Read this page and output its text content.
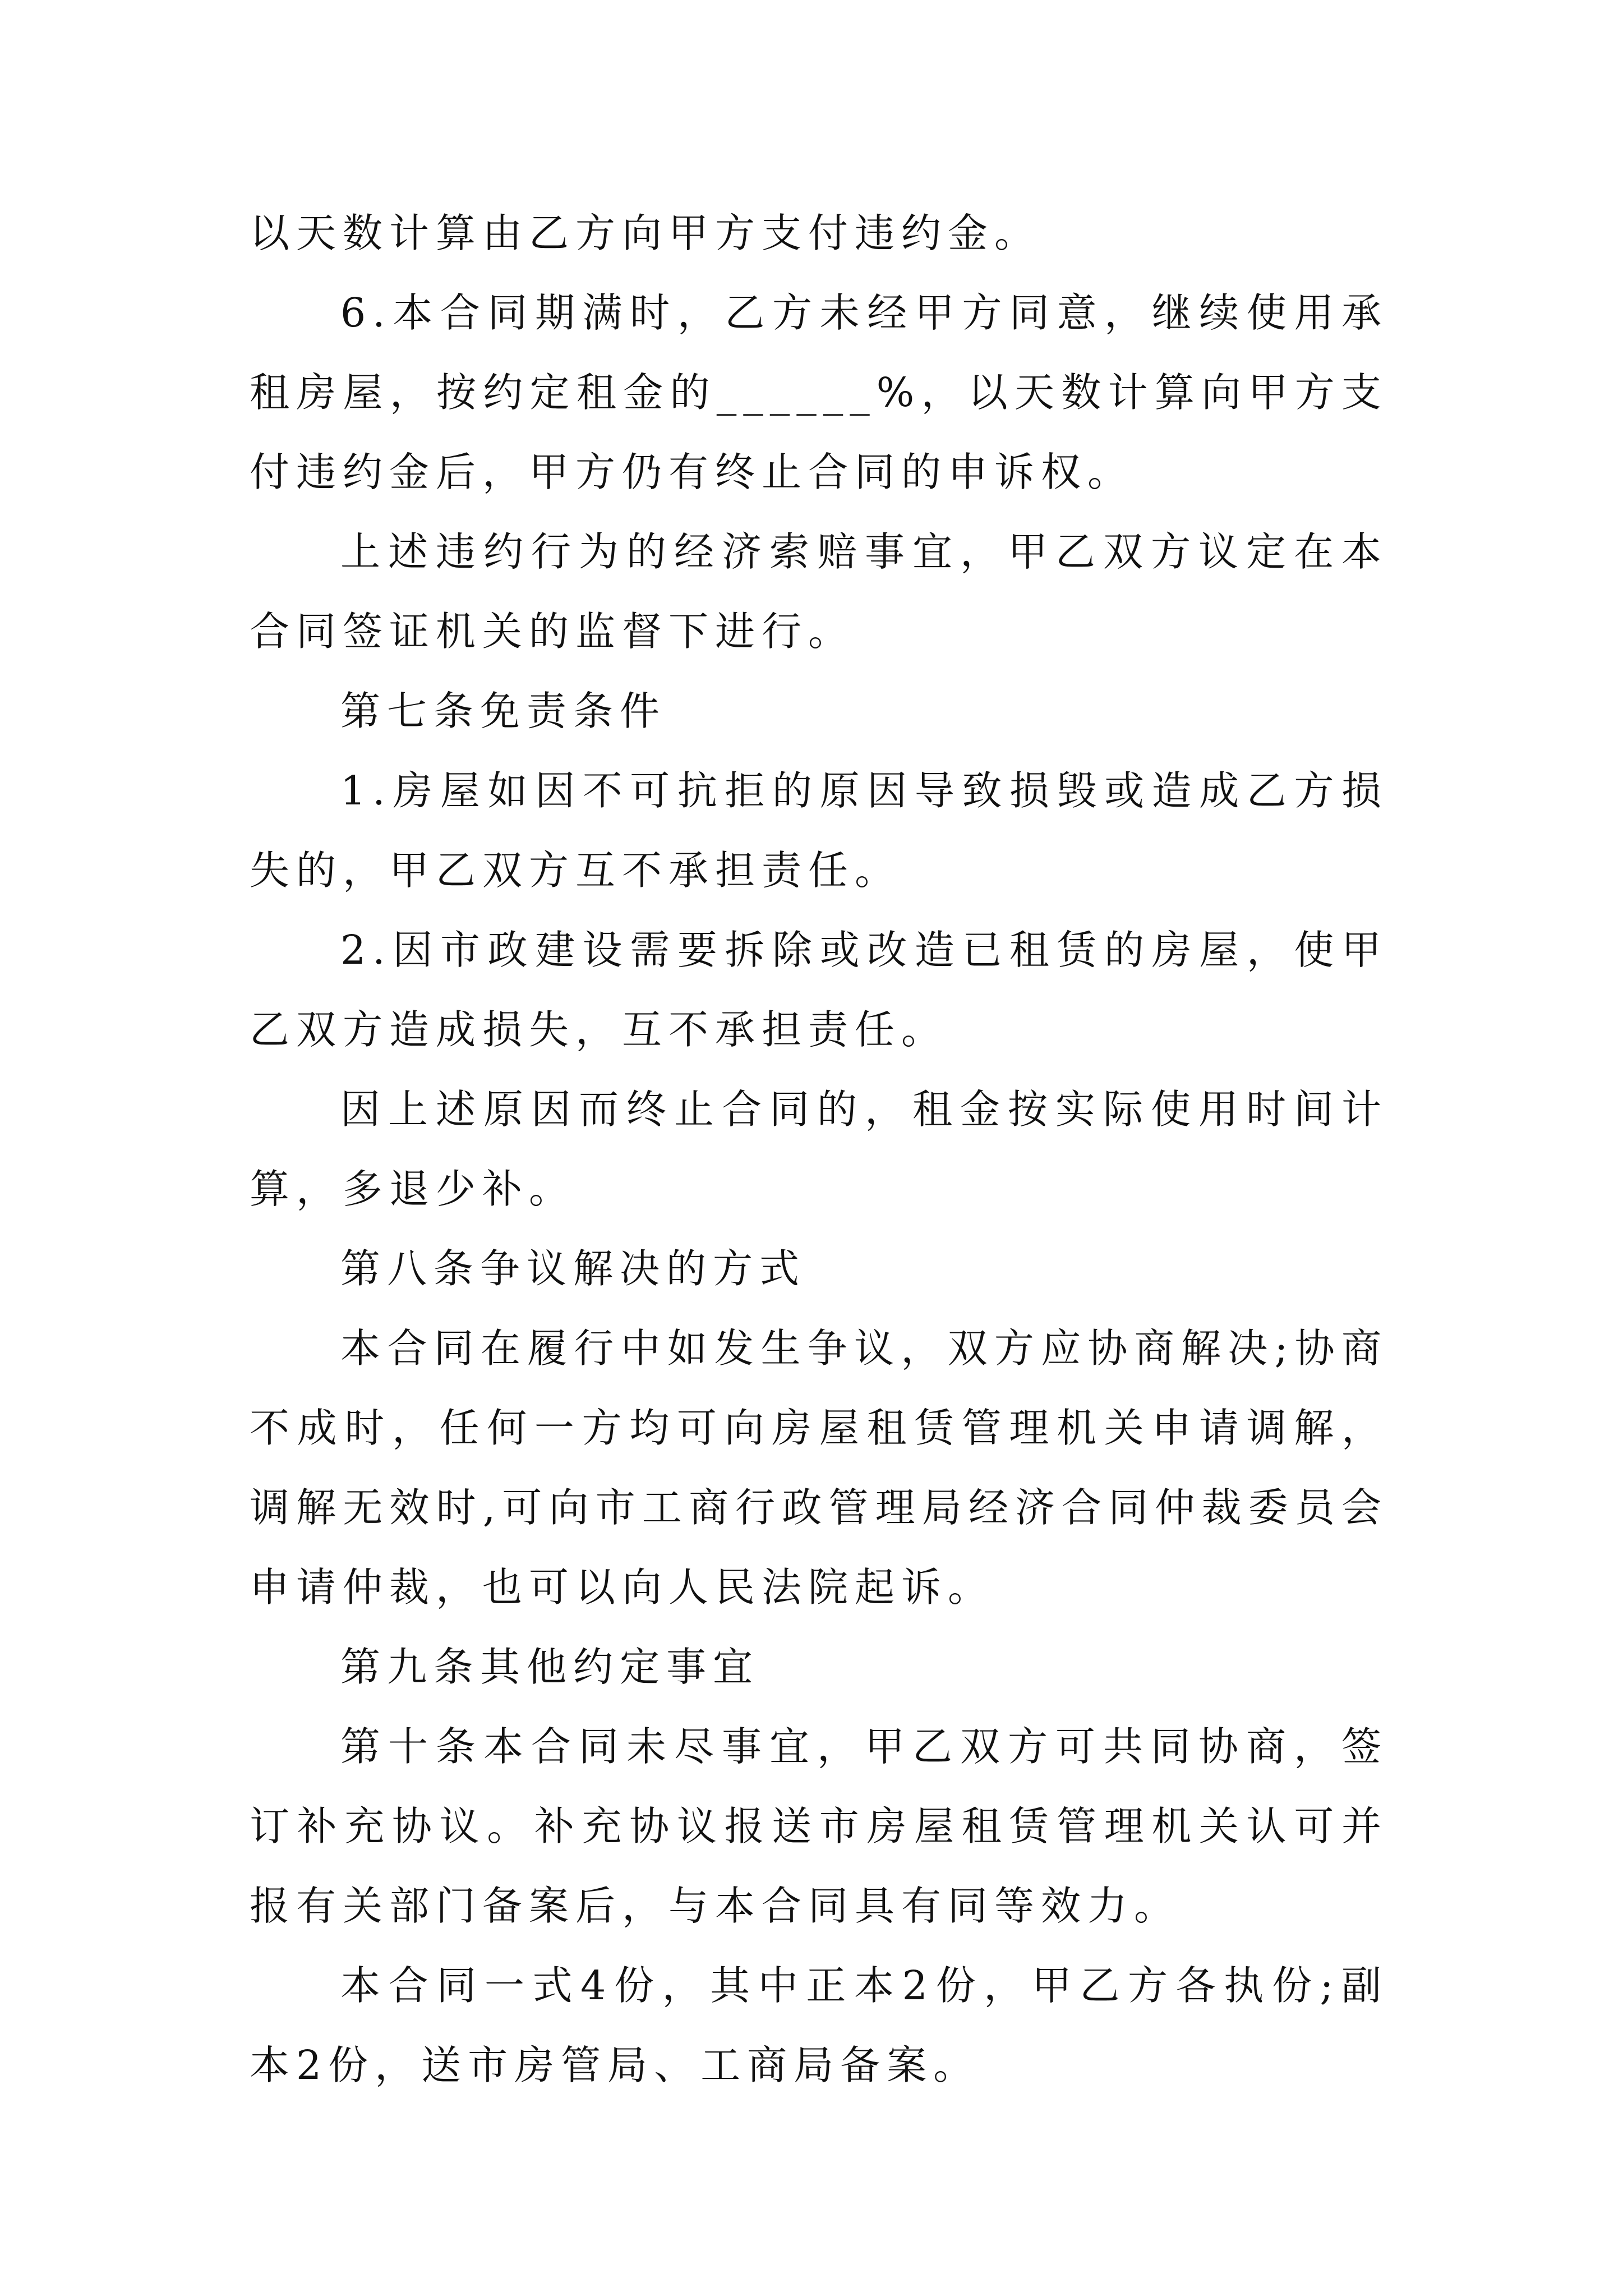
以天数计算由乙方向甲方支付违约金。

6.本合同期满时，乙方未经甲方同意，继续使用承租房屋，按约定租金的______%，以天数计算向甲方支付违约金后，甲方仍有终止合同的申诉权。

上述违约行为的经济索赔事宜，甲乙双方议定在本合同签证机关的监督下进行。

第七条免责条件

1.房屋如因不可抗拒的原因导致损毁或造成乙方损失的，甲乙双方互不承担责任。

2.因市政建设需要拆除或改造已租赁的房屋，使甲乙双方造成损失，互不承担责任。

因上述原因而终止合同的，租金按实际使用时间计算，多退少补。

第八条争议解决的方式

本合同在履行中如发生争议，双方应协商解决;协商不成时，任何一方均可向房屋租赁管理机关申请调解，调解无效时,可向市工商行政管理局经济合同仲裁委员会申请仲裁，也可以向人民法院起诉。

第九条其他约定事宜

第十条本合同未尽事宜，甲乙双方可共同协商，签订补充协议。补充协议报送市房屋租赁管理机关认可并报有关部门备案后，与本合同具有同等效力。

本合同一式4份，其中正本2份，甲乙方各执份;副本2份，送市房管局、工商局备案。
